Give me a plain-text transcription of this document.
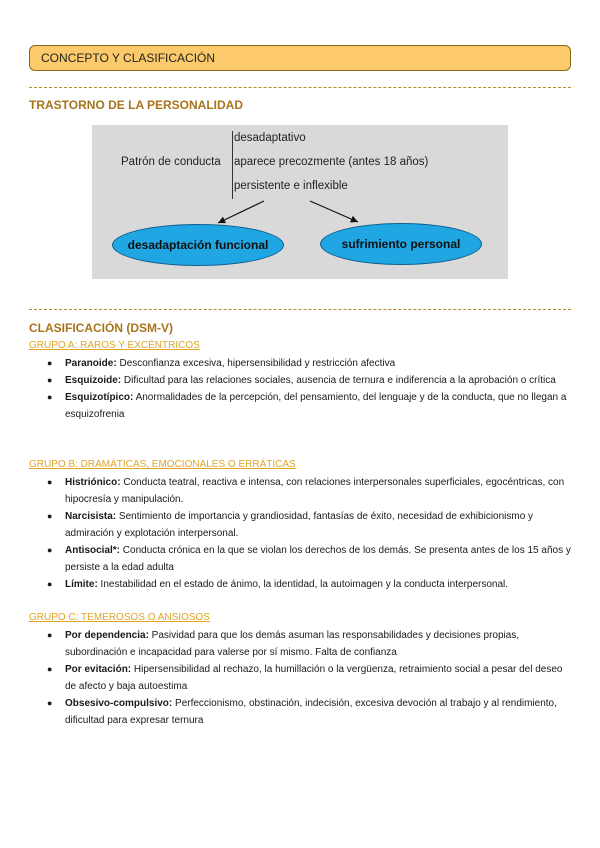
CONCEPTO Y CLASIFICACIÓN
TRASTORNO DE LA PERSONALIDAD
Patrón de conducta
desadaptativo
aparece precozmente (antes 18 años)
persistente e inflexible
desadaptación funcional	sufrimiento personal
CLASIFICACIÓN (DSM-V)
GRUPO A: RAROS Y EXCÉNTRICOS
● Paranoide: Desconfianza excesiva, hipersensibilidad y restricción afectiva
● Esquizoide: Dificultad para las relaciones sociales, ausencia de ternura e indiferencia a la aprobación o crítica
● Esquizotípico: Anormalidades de la percepción, del pensamiento, del lenguaje y de la conducta, que no llegan a esquizofrenia
GRUPO B: DRAMÁTICAS, EMOCIONALES O ERRÁTICAS
● Histriónico: Conducta teatral, reactiva e intensa, con relaciones interpersonales superficiales, egocéntricas, con hipocresía y manipulación.
● Narcisista: Sentimiento de importancia y grandiosidad, fantasías de éxito, necesidad de exhibicionismo y admiración y explotación interpersonal.
● Antisocial*: Conducta crónica en la que se violan los derechos de los demás. Se presenta antes de los 15 años y persiste a la edad adulta
● Límite: Inestabilidad en el estado de ánimo, la identidad, la autoimagen y la conducta interpersonal.
GRUPO C: TEMEROSOS O ANSIOSOS
● Por dependencia: Pasividad para que los demás asuman las responsabilidades y decisiones propias, subordinación e incapacidad para valerse por sí mismo. Falta de confianza
● Por evitación: Hipersensibilidad al rechazo, la humillación o la vergüenza, retraimiento social a pesar del deseo de afecto y baja autoestima
● Obsesivo-compulsivo: Perfeccionismo, obstinación, indecisión, excesiva devoción al trabajo y al rendimiento, dificultad para expresar ternura
